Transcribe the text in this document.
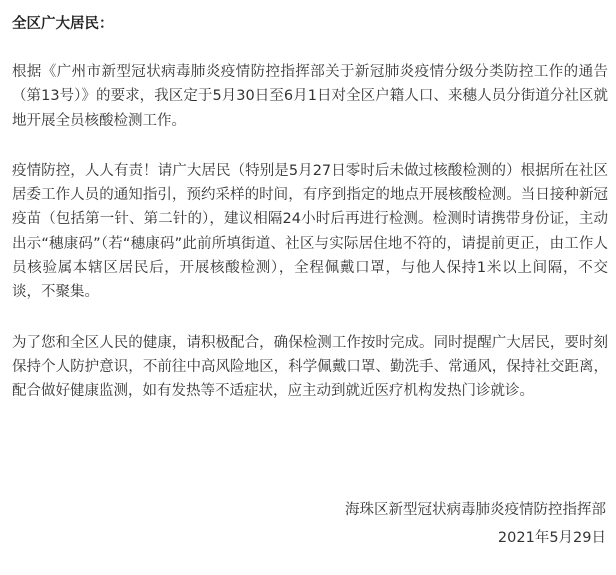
全区广大居民：

根据《广州市新型冠状病毒肺炎疫情防控指挥部关于新冠肺炎疫情分级分类防控工作的通告（第13号）》的要求，我区定于5月30日至6月1日对全区户籍人口、来穗人员分街道分社区就地开展全员核酸检测工作。

疫情防控，人人有责！请广大居民（特别是5月27日零时后未做过核酸检测的）根据所在社区居委工作人员的通知指引，预约采样的时间，有序到指定的地点开展核酸检测。当日接种新冠疫苗（包括第一针、第二针的），建议相隔24小时后再进行检测。检测时请携带身份证，主动出示“穗康码”（若“穗康码”此前所填街道、社区与实际居住地不符的，请提前更正，由工作人员核验属本辖区居民后，开展核酸检测），全程佩戴口罩，与他人保持1米以上间隔，不交谈，不聚集。

为了您和全区人民的健康，请积极配合，确保检测工作按时完成。同时提醒广大居民，要时刻保持个人防护意识，不前往中高风险地区，科学佩戴口罩、勤洗手、常通风，保持社交距离，配合做好健康监测，如有发热等不适症状，应主动到就近医疗机构发热门诊就诊。

海珠区新型冠状病毒肺炎疫情防控指挥部
2021年5月29日
